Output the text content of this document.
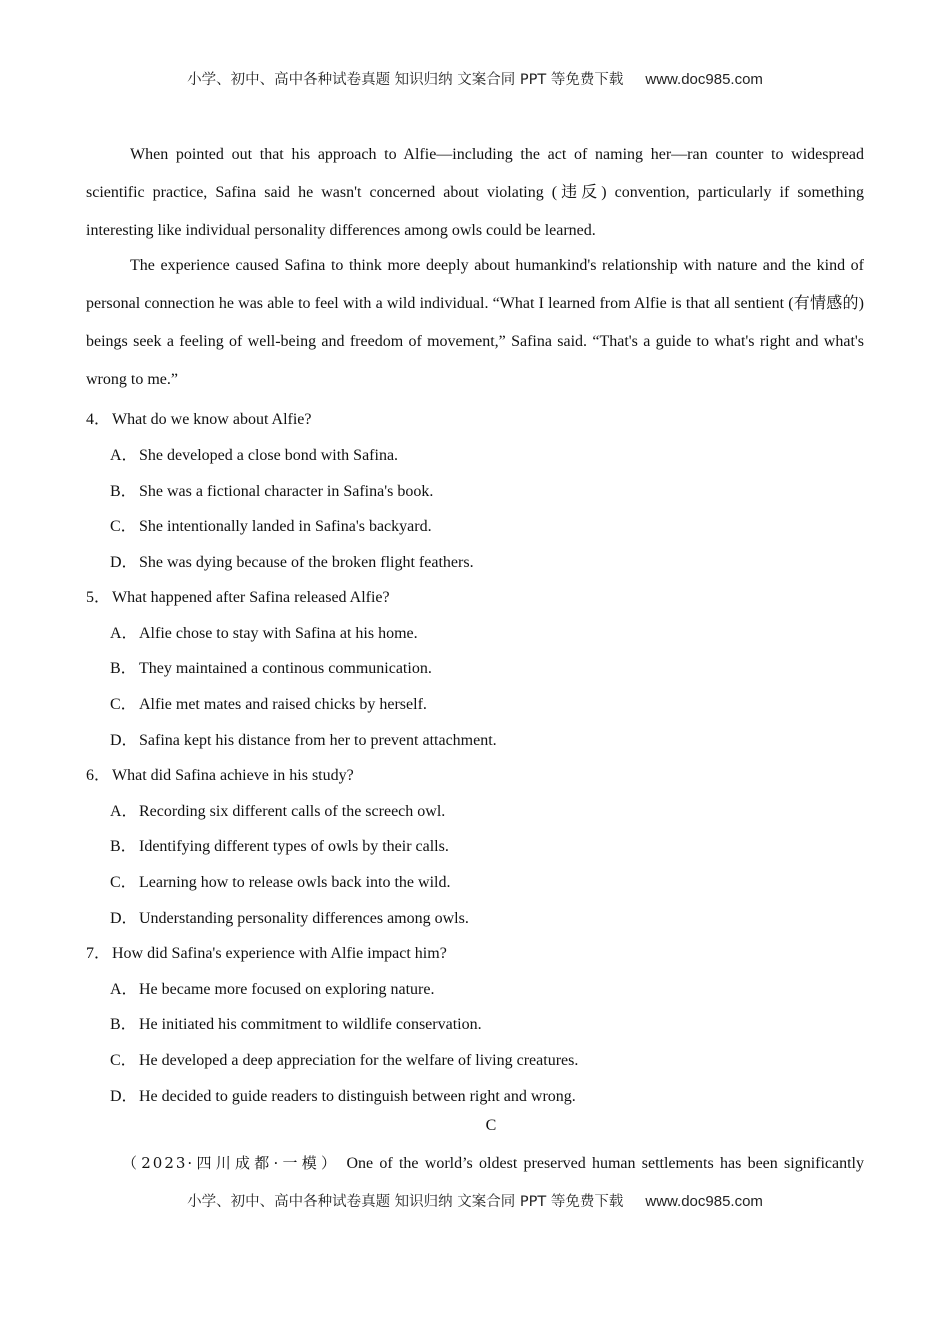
小学、初中、高中各种试卷真题 知识归纳 文案合同 PPT 等免费下载 www.doc985.com

When pointed out that his approach to Alfie—including the act of naming her—ran counter to widespread scientific practice, Safina said he wasn't concerned about violating (违反) convention, particularly if something interesting like individual personality differences among owls could be learned.

The experience caused Safina to think more deeply about humankind's relationship with nature and the kind of personal connection he was able to feel with a wild individual. “What I learned from Alfie is that all sentient (有情感的) beings seek a feeling of well-being and freedom of movement,” Safina said. “That's a guide to what's right and what's wrong to me.”

4． What do we know about Alfie?
A．She developed a close bond with Safina.
B． She was a fictional character in Safina's book.
C． She intentionally landed in Safina's backyard.
D．She was dying because of the broken flight feathers.
5． What happened after Safina released Alfie?
A．Alfie chose to stay with Safina at his home.
B． They maintained a continous communication.
C． Alfie met mates and raised chicks by herself.
D．Safina kept his distance from her to prevent attachment.
6． What did Safina achieve in his study?
A．Recording six different calls of the screech owl.
B． Identifying different types of owls by their calls.
C． Learning how to release owls back into the wild.
D．Understanding personality differences among owls.
7． How did Safina's experience with Alfie impact him?
A．He became more focused on exploring nature.
B． He initiated his commitment to wildlife conservation.
C． He developed a deep appreciation for the welfare of living creatures.
D．He decided to guide readers to distinguish between right and wrong.
C
（2023·四川成都·一模） One of the world’s oldest preserved human settlements has been significantly
小学、初中、高中各种试卷真题 知识归纳 文案合同 PPT 等免费下载 www.doc985.com
